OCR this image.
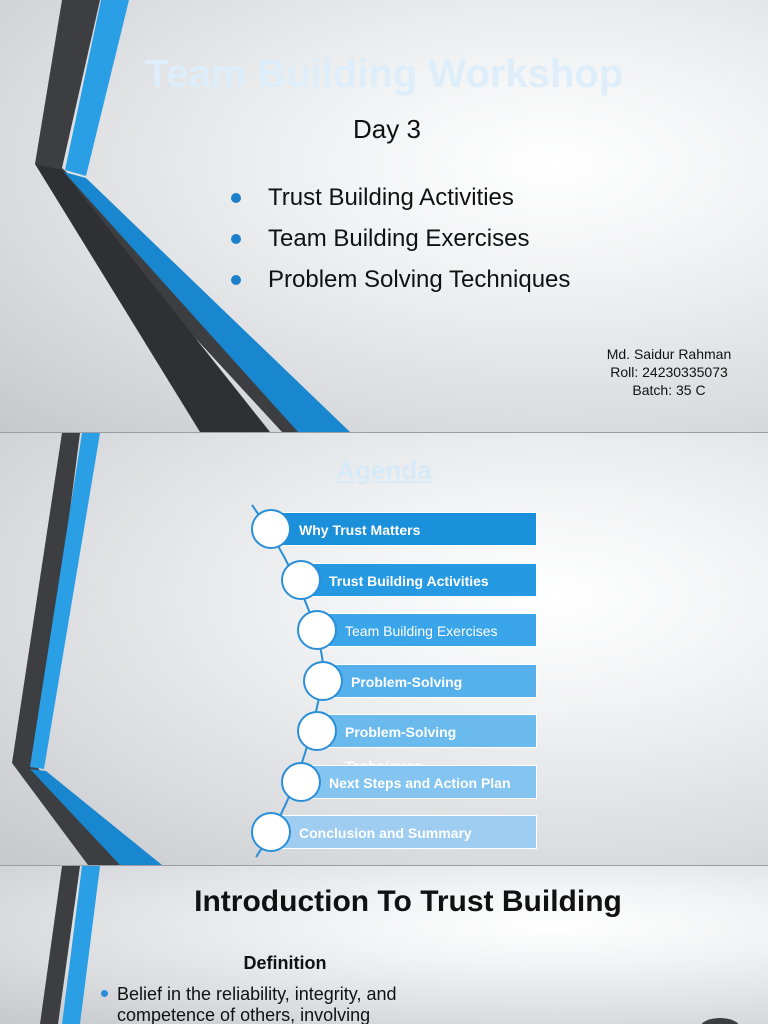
Team Building Workshop
Day 3
Trust Building Activities
Team Building Exercises
Problem Solving Techniques
Md. Saidur Rahman
Roll: 24230335073
Batch: 35 C
Agenda
Why Trust Matters
Trust Building Activities
Team Building Exercises
Problem-Solving
Problem-Solving
Next Steps and Action Plan
Conclusion and Summary
Introduction To Trust Building
Definition
Belief in the reliability, integrity, and competence of others, involving
